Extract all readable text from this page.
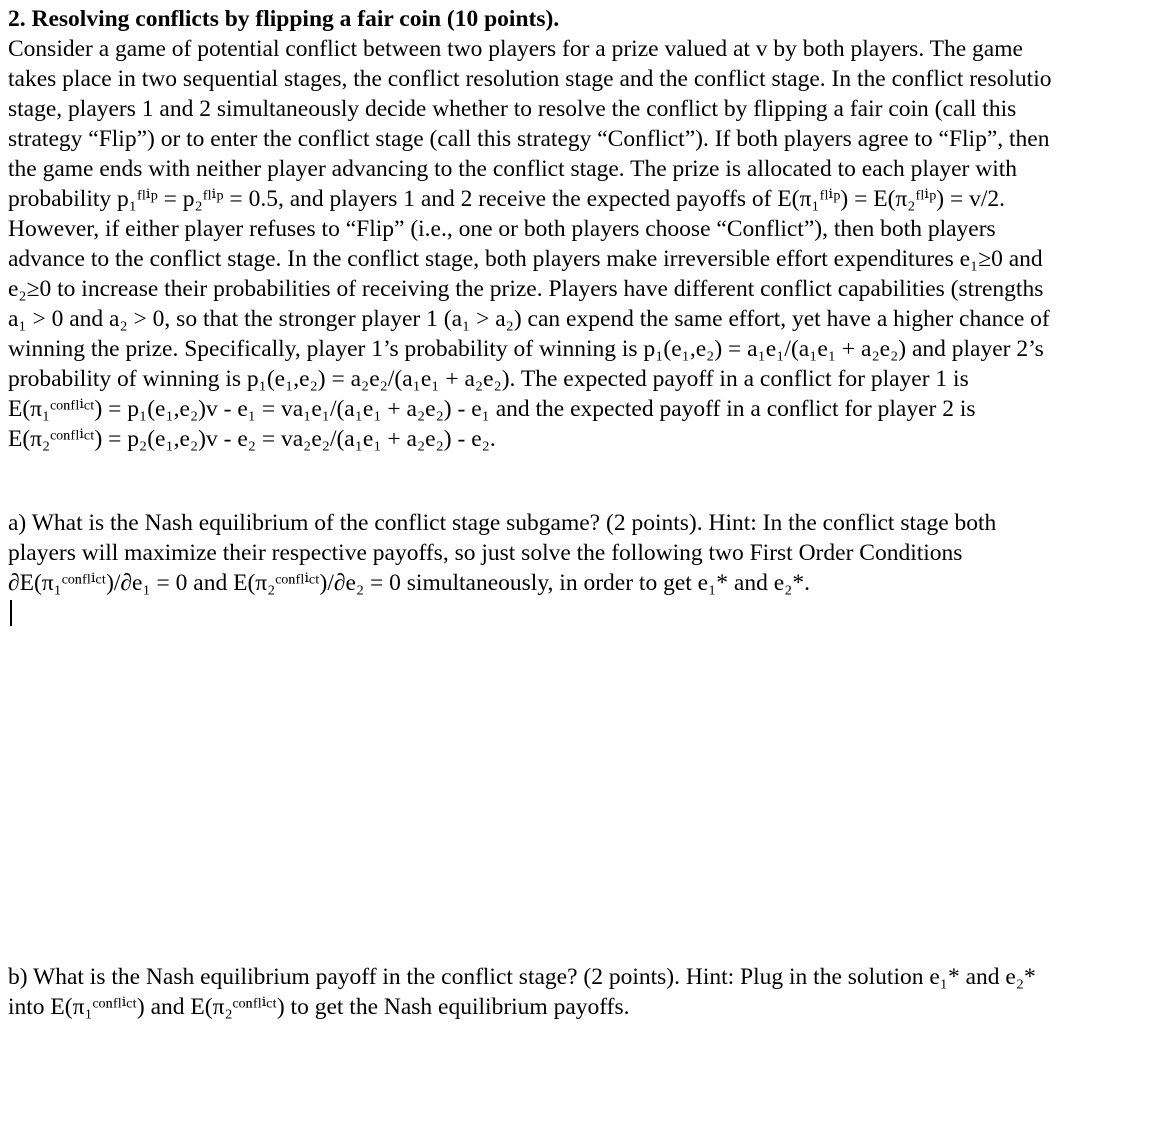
2. Resolving conflicts by flipping a fair coin (10 points).
Consider a game of potential conflict between two players for a prize valued at v by both players. The game
takes place in two sequential stages, the conflict resolution stage and the conflict stage. In the conflict resolutio
stage, players 1 and 2 simultaneously decide whether to resolve the conflict by flipping a fair coin (call this
strategy “Flip”) or to enter the conflict stage (call this strategy “Conflict”). If both players agree to “Flip”, then
the game ends with neither player advancing to the conflict stage. The prize is allocated to each player with
probability p₁ᶠˡⁱᵖ = p₂ᶠˡⁱᵖ = 0.5, and players 1 and 2 receive the expected payoffs of E(π₁ᶠˡⁱᵖ) = E(π₂ᶠˡⁱᵖ) = v/2.
However, if either player refuses to “Flip” (i.e., one or both players choose “Conflict”), then both players
advance to the conflict stage. In the conflict stage, both players make irreversible effort expenditures e₁≥0 and
e₂≥0 to increase their probabilities of receiving the prize. Players have different conflict capabilities (strengths
a₁ > 0 and a₂ > 0, so that the stronger player 1 (a₁ > a₂) can expend the same effort, yet have a higher chance of
winning the prize. Specifically, player 1’s probability of winning is p₁(e₁,e₂) = a₁e₁/(a₁e₁ + a₂e₂) and player 2’s
probability of winning is p₁(e₁,e₂) = a₂e₂/(a₁e₁ + a₂e₂). The expected payoff in a conflict for player 1 is
E(π₁ᶜᵒⁿᶠˡⁱᶜᵗ) = p₁(e₁,e₂)v - e₁ = va₁e₁/(a₁e₁ + a₂e₂) - e₁ and the expected payoff in a conflict for player 2 is
E(π₂ᶜᵒⁿᶠˡⁱᶜᵗ) = p₂(e₁,e₂)v - e₂ = va₂e₂/(a₁e₁ + a₂e₂) - e₂.
a) What is the Nash equilibrium of the conflict stage subgame? (2 points). Hint: In the conflict stage both
players will maximize their respective payoffs, so just solve the following two First Order Conditions
∂E(π₁ᶜᵒⁿᶠˡⁱᶜᵗ)/∂e₁ = 0 and E(π₂ᶜᵒⁿᶠˡⁱᶜᵗ)/∂e₂ = 0 simultaneously, in order to get e₁* and e₂*.
b) What is the Nash equilibrium payoff in the conflict stage? (2 points). Hint: Plug in the solution e₁* and e₂*
into E(π₁ᶜᵒⁿᶠˡⁱᶜᵗ) and E(π₂ᶜᵒⁿᶠˡⁱᶜᵗ) to get the Nash equilibrium payoffs.
